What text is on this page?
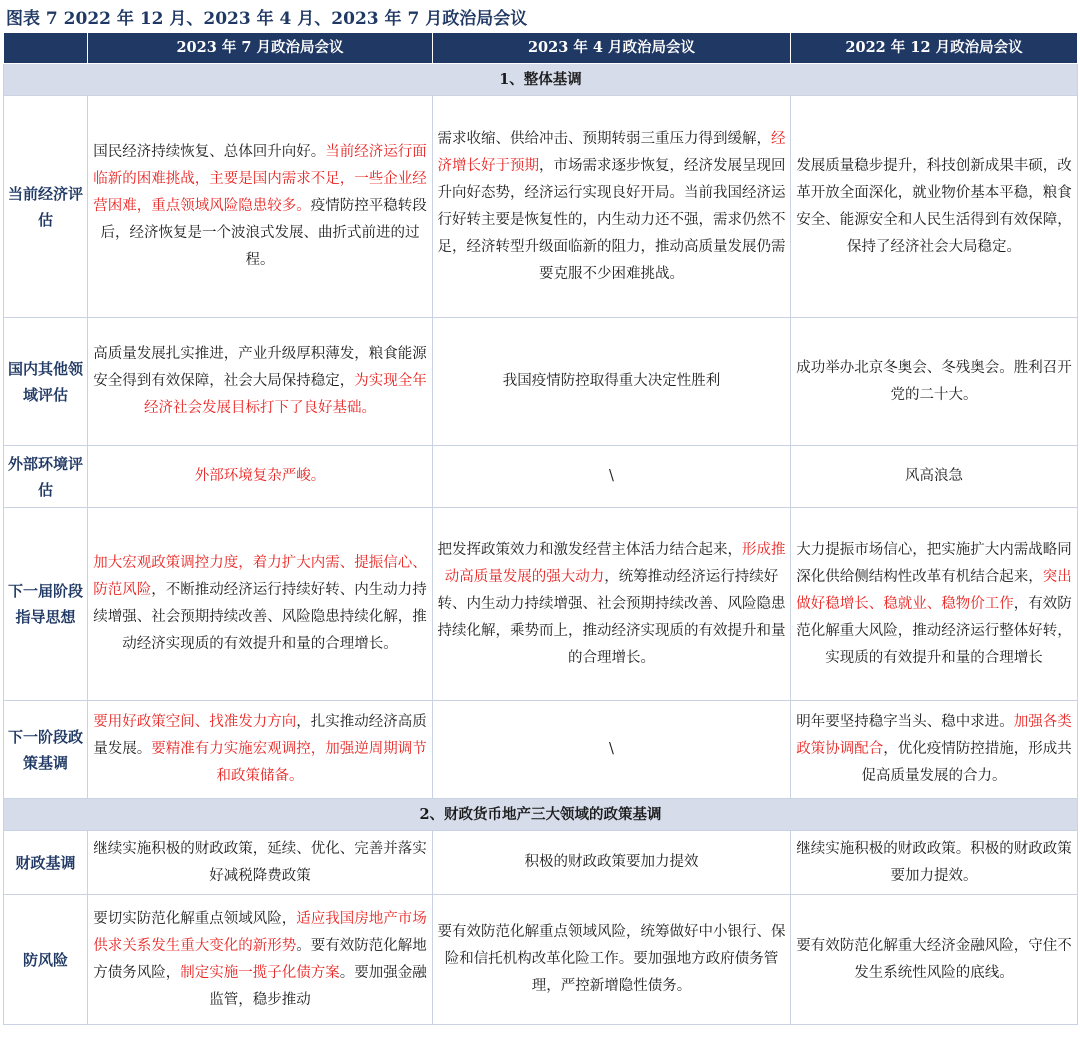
图表 7 2022 年 12 月、2023 年 4 月、2023 年 7 月政治局会议
	2023 年 7 月政治局会议	2023 年 4 月政治局会议	2022 年 12 月政治局会议
1、整体基调			
当前经济评估	国民经济持续恢复、总体回升向好。当前经济运行面临新的困难挑战，主要是国内需求不足，一些企业经营困难，重点领域风险隐患较多。疫情防控平稳转段后，经济恢复是一个波浪式发展、曲折式前进的过程。	需求收缩、供给冲击、预期转弱三重压力得到缓解，经济增长好于预期，市场需求逐步恢复，经济发展呈现回升向好态势，经济运行实现良好开局。当前我国经济运行好转主要是恢复性的，内生动力还不强，需求仍然不足，经济转型升级面临新的阻力，推动高质量发展仍需要克服不少困难挑战。	发展质量稳步提升，科技创新成果丰硕，改革开放全面深化，就业物价基本平稳，粮食安全、能源安全和人民生活得到有效保障，保持了经济社会大局稳定。
国内其他领域评估	高质量发展扎实推进，产业升级厚积薄发，粮食能源安全得到有效保障，社会大局保持稳定，为实现全年经济社会发展目标打下了良好基础。	我国疫情防控取得重大决定性胜利	成功举办北京冬奥会、冬残奥会。胜利召开党的二十大。
外部环境评估	外部环境复杂严峻。	\	风高浪急
下一届阶段指导思想	加大宏观政策调控力度，着力扩大内需、提振信心、防范风险，不断推动经济运行持续好转、内生动力持续增强、社会预期持续改善、风险隐患持续化解，推动经济实现质的有效提升和量的合理增长。	把发挥政策效力和激发经营主体活力结合起来，形成推动高质量发展的强大动力，统筹推动经济运行持续好转、内生动力持续增强、社会预期持续改善、风险隐患持续化解，乘势而上，推动经济实现质的有效提升和量的合理增长。	大力提振市场信心，把实施扩大内需战略同深化供给侧结构性改革有机结合起来，突出做好稳增长、稳就业、稳物价工作，有效防范化解重大风险，推动经济运行整体好转，实现质的有效提升和量的合理增长
下一阶段政策基调	要用好政策空间、找准发力方向，扎实推动经济高质量发展。要精准有力实施宏观调控，加强逆周期调节和政策储备。	\	明年要坚持稳字当头、稳中求进。加强各类政策协调配合，优化疫情防控措施，形成共促高质量发展的合力。
2、财政货币地产三大领域的政策基调			
财政基调	继续实施积极的财政政策，延续、优化、完善并落实好减税降费政策	积极的财政政策要加力提效	继续实施积极的财政政策。积极的财政政策要加力提效。
防风险	要切实防范化解重点领域风险，适应我国房地产市场供求关系发生重大变化的新形势。要有效防范化解地方债务风险，制定实施一揽子化债方案。要加强金融监管，稳步推动	要有效防范化解重点领域风险，统筹做好中小银行、保险和信托机构改革化险工作。要加强地方政府债务管理，严控新增隐性债务。	要有效防范化解重大经济金融风险，守住不发生系统性风险的底线。
